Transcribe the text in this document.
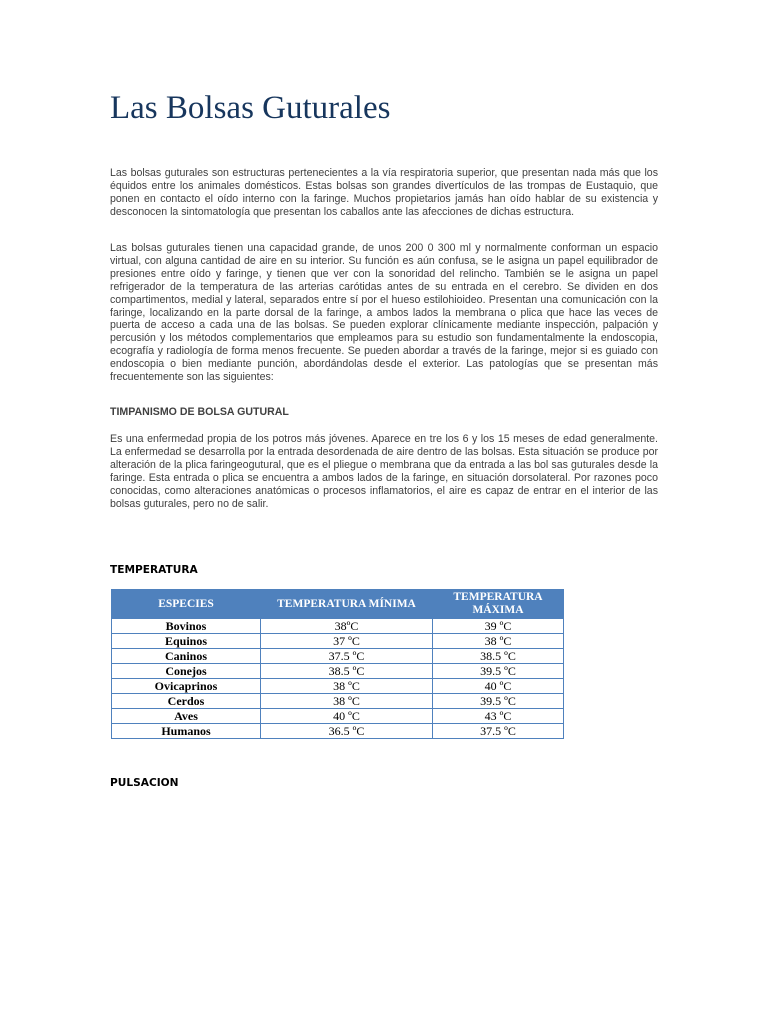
Las Bolsas Guturales

Las bolsas guturales son estructuras pertenecientes a la vía respiratoria superior, que presentan nada más que los équidos entre los animales domésticos. Estas bolsas son grandes divertículos de las trompas de Eustaquio, que ponen en contacto el oído interno con la faringe. Muchos propietarios jamás han oído hablar de su existencia y desconocen la sintomatología que presentan los caballos ante las afecciones de dichas estructura.

Las bolsas guturales tienen una capacidad grande, de unos 200 0 300 ml y normalmente conforman un espacio virtual, con alguna cantidad de aire en su interior. Su función es aún confusa, se le asigna un papel equilibrador de presiones entre oído y faringe, y tienen que ver con la sonoridad del relincho. También se le asigna un papel refrigerador de la temperatura de las arterias carótidas antes de su entrada en el cerebro. Se dividen en dos compartimentos, medial y lateral, separados entre sí por el hueso estilohioideo. Presentan una comunicación con la faringe, localizando en la parte dorsal de la faringe, a ambos lados la membrana o plica que hace las veces de puerta de acceso a cada una de las bolsas. Se pueden explorar clínicamente mediante inspección, palpación y percusión y los métodos complementarios que empleamos para su estudio son fundamentalmente la endoscopia, ecografía y radiología de forma menos frecuente. Se pueden abordar a través de la faringe, mejor si es guiado con endoscopia o bien mediante punción, abordándolas desde el exterior. Las patologías que se presentan más frecuentemente son las siguientes:

TIMPANISMO DE BOLSA GUTURAL

Es una enfermedad propia de los potros más jóvenes. Aparece en tre los 6 y los 15 meses de edad generalmente. La enfermedad se desarrolla por la entrada desordenada de aire dentro de las bolsas. Esta situación se produce por alteración de la plica faringeogutural, que es el pliegue o membrana que da entrada a las bol sas guturales desde la faringe. Esta entrada o plica se encuentra a ambos lados de la faringe, en situación dorsolateral. Por razones poco conocidas, como alteraciones anatómicas o procesos inflamatorios, el aire es capaz de entrar en el interior de las bolsas guturales, pero no de salir.

TEMPERATURA
ESPECIES	TEMPERATURA MÍNIMA	TEMPERATURA MÁXIMA
Bovinos	38ºC	39 ºC
Equinos	37 ºC	38 ºC
Caninos	37.5 ºC	38.5 ºC
Conejos	38.5 ºC	39.5 ºC
Ovicaprinos	38 ºC	40 ºC
Cerdos	38 ºC	39.5 ºC
Aves	40 ºC	43 ºC
Humanos	36.5 ºC	37.5 ºC
PULSACION
